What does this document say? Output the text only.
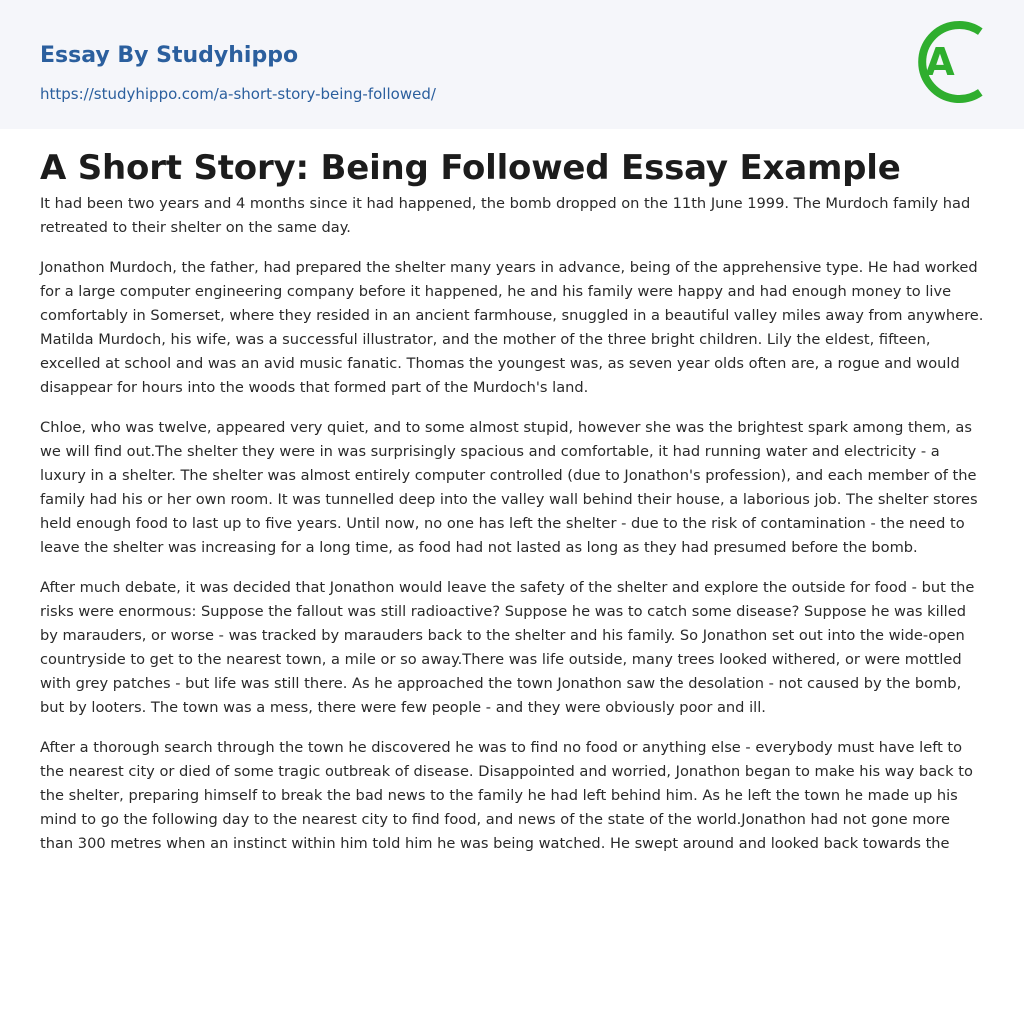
Essay By Studyhippo
https://studyhippo.com/a-short-story-being-followed/
A
A Short Story: Being Followed Essay Example

It had been two years and 4 months since it had happened, the bomb dropped on the 11th June 1999. The Murdoch family had retreated to their shelter on the same day.

Jonathon Murdoch, the father, had prepared the shelter many years in advance, being of the apprehensive type. He had worked for a large computer engineering company before it happened, he and his family were happy and had enough money to live comfortably in Somerset, where they resided in an ancient farmhouse, snuggled in a beautiful valley miles away from anywhere. Matilda Murdoch, his wife, was a successful illustrator, and the mother of the three bright children. Lily the eldest, fifteen, excelled at school and was an avid music fanatic. Thomas the youngest was, as seven year olds often are, a rogue and would disappear for hours into the woods that formed part of the Murdoch's land.

Chloe, who was twelve, appeared very quiet, and to some almost stupid, however she was the brightest spark among them, as we will find out.The shelter they were in was surprisingly spacious and comfortable, it had running water and electricity - a luxury in a shelter. The shelter was almost entirely computer controlled (due to Jonathon's profession), and each member of the family had his or her own room. It was tunnelled deep into the valley wall behind their house, a laborious job. The shelter stores held enough food to last up to five years. Until now, no one has left the shelter - due to the risk of contamination - the need to leave the shelter was increasing for a long time, as food had not lasted as long as they had presumed before the bomb.

After much debate, it was decided that Jonathon would leave the safety of the shelter and explore the outside for food - but the risks were enormous: Suppose the fallout was still radioactive? Suppose he was to catch some disease? Suppose he was killed by marauders, or worse - was tracked by marauders back to the shelter and his family. So Jonathon set out into the wide-open countryside to get to the nearest town, a mile or so away.There was life outside, many trees looked withered, or were mottled with grey patches - but life was still there. As he approached the town Jonathon saw the desolation - not caused by the bomb, but by looters. The town was a mess, there were few people - and they were obviously poor and ill.

After a thorough search through the town he discovered he was to find no food or anything else - everybody must have left to the nearest city or died of some tragic outbreak of disease. Disappointed and worried, Jonathon began to make his way back to the shelter, preparing himself to break the bad news to the family he had left behind him. As he left the town he made up his mind to go the following day to the nearest city to find food, and news of the state of the world.Jonathon had not gone more than 300 metres when an instinct within him told him he was being watched. He swept around and looked back towards the
